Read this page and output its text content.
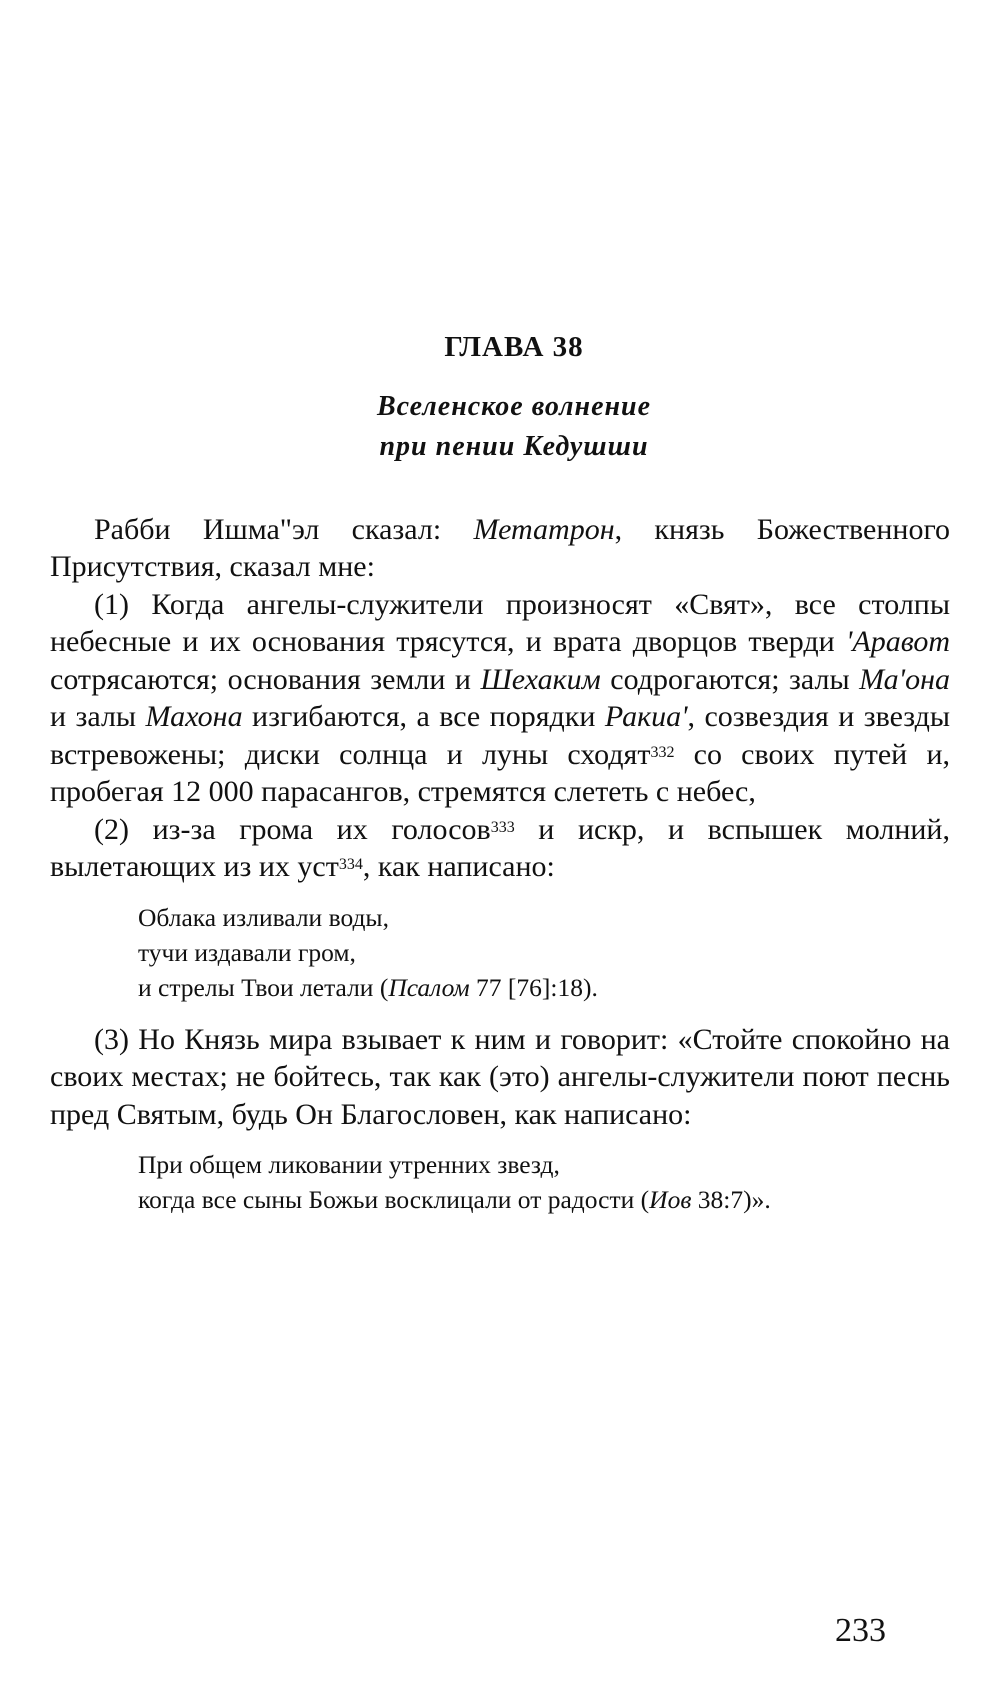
ГЛАВА 38
Вселенское волнение
при пении Кедушши

Рабби Ишма"эл сказал: Метатрон, князь Божественного Присутствия, сказал мне:

(1) Когда ангелы-служители произносят «Свят», все столпы небесные и их основания трясутся, и врата дворцов тверди 'Аравот сотрясаются; основания земли и Шехаким содрогаются; залы Ма'она и залы Махона изгибаются, а все порядки Ракиа', созвездия и звезды встревожены; диски солнца и луны сходят$^{332}$ со своих путей и, пробегая 12 000 парасангов, стремятся слететь с небес,

(2) из-за грома их голосов$^{333}$ и искр, и вспышек молний, вылетающих из их уст$^{334}$, как написано:

Облака изливали воды,
тучи издавали гром,
и стрелы Твои летали (Псалом 77 [76]:18).

(3) Но Князь мира взывает к ним и говорит: «Стойте спокойно на своих местах; не бойтесь, так как (это) ангелы-служители поют песнь пред Святым, будь Он Благословен, как написано:

При общем ликовании утренних звезд,
когда все сыны Божьи восклицали от радости (Иов 38:7)».
233
